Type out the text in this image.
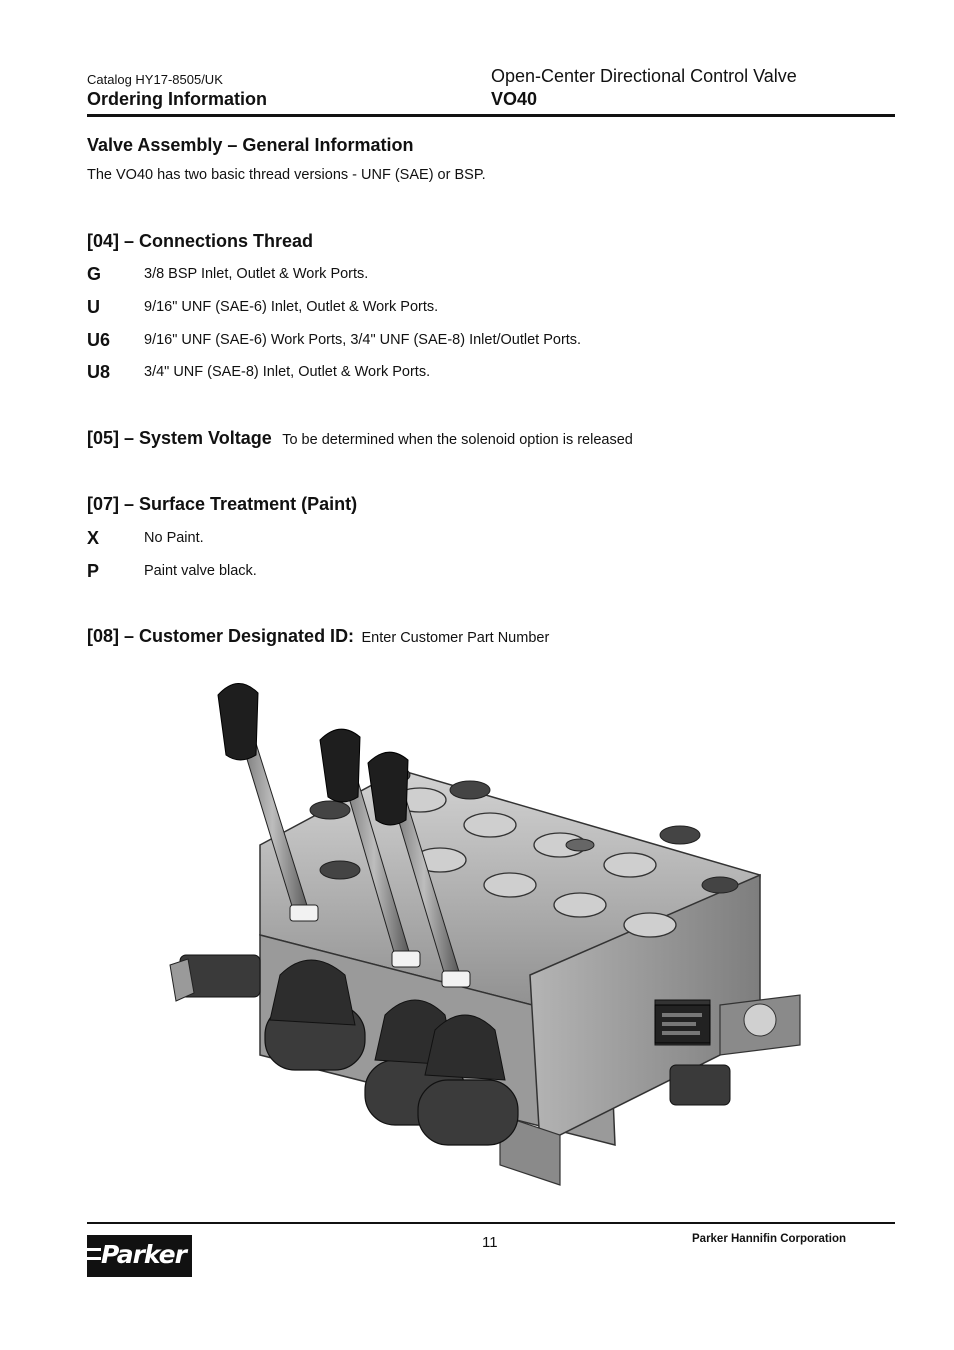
Catalog HY17-8505/UK
Ordering Information
Open-Center Directional Control Valve
VO40
Valve Assembly – General Information
The VO40 has two basic thread versions - UNF (SAE) or BSP.
[04] – Connections Thread
G	3/8 BSP Inlet, Outlet & Work Ports.
U	9/16" UNF (SAE-6) Inlet, Outlet & Work Ports.
U6 9/16" UNF (SAE-6) Work Ports, 3/4" UNF (SAE-8) Inlet/Outlet Ports.
U8 3/4" UNF (SAE-8) Inlet, Outlet & Work Ports.
[05] – System Voltage To be determined when the solenoid option is released
[07] – Surface Treatment (Paint)
X	No Paint.
P	Paint valve black.
[08] – Customer Designated ID: Enter Customer Part Number
11	Parker Hannifin Corporation
Parker
